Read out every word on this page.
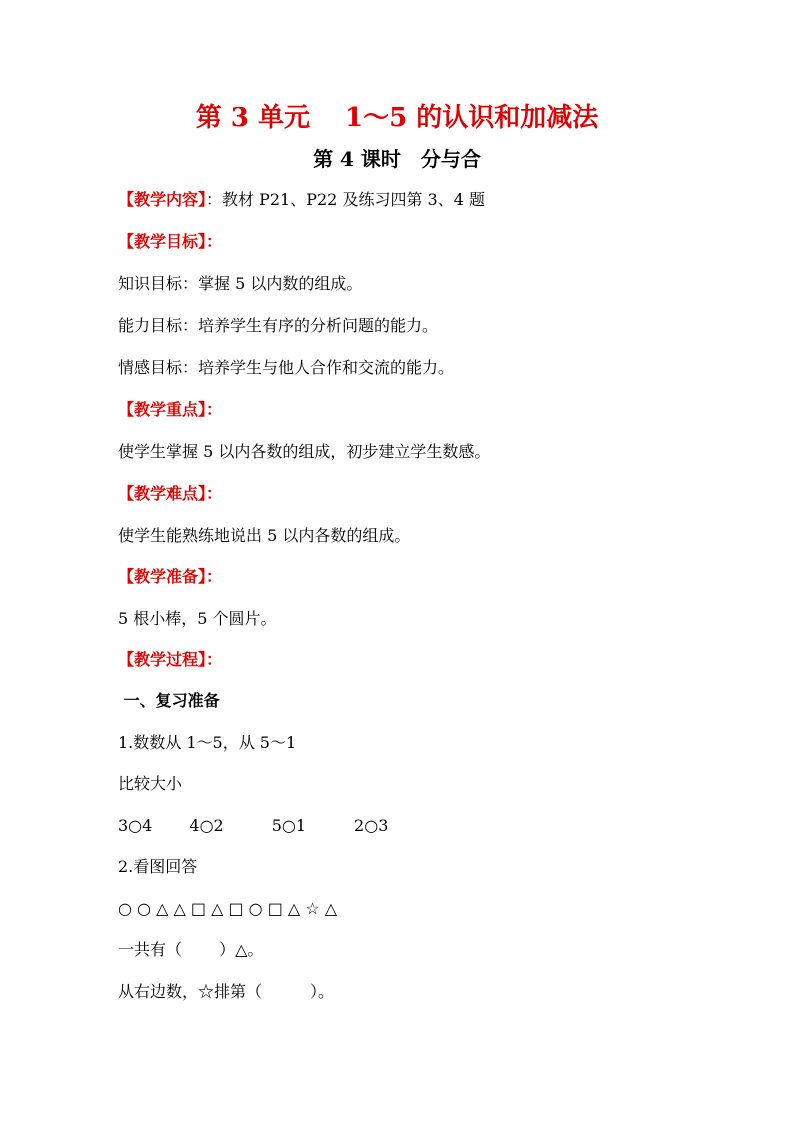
第 3 单元　 1～5 的认识和加减法
第 4 课时　分与合
【教学内容】：教材 P21、P22 及练习四第 3、4 题
【教学目标】：
知识目标：掌握 5 以内数的组成。
能力目标：培养学生有序的分析问题的能力。
情感目标：培养学生与他人合作和交流的能力。
【教学重点】：
使学生掌握 5 以内各数的组成，初步建立学生数感。
【教学难点】：
使学生能熟练地说出 5 以内各数的组成。
【教学准备】：
5 根小棒，5 个圆片。
【教学过程】：
一、复习准备
1.数数从 1～5，从 5～1
比较大小
3○4　　 4○2　　　5○1　　　2○3
2.看图回答
○ ○ △ △ □ △ □ ○ □ △ ☆ △
一共有（　　 ）△。
从右边数，☆排第（　　　）。
